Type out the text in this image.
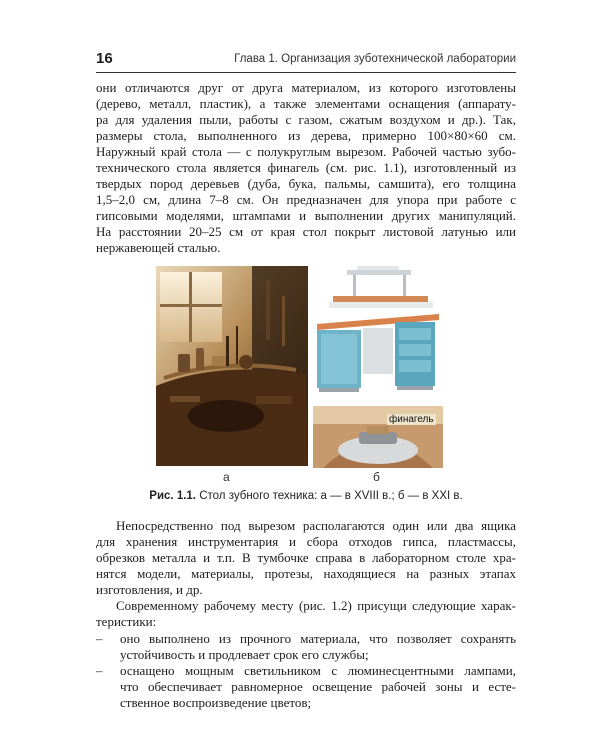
16	Глава 1. Организация зуботехнической лаборатории
они отличаются друг от друга материалом, из которого изготовлены
(дерево, металл, пластик), а также элементами оснащения (аппарату-
ра для удаления пыли, работы с газом, сжатым воздухом и др.). Так,
размеры стола, выполненного из дерева, примерно 100×80×60 см.
Наружный край стола — с полукруглым вырезом. Рабочей частью зубо-
технического стола является финагель (см. рис. 1.1), изготовленный из
твердых пород деревьев (дуба, бука, пальмы, самшита), его толщина
1,5–2,0 см, длина 7–8 см. Он предназначен для упора при работе с
гипсовыми моделями, штампами и выполнении других манипуляций.
На расстоянии 20–25 см от края стол покрыт листовой латунью или
нержавеющей сталью.
финагель
а	б
Рис. 1.1. Стол зубного техника: а — в XVIII в.; б — в XXI в.
Непосредственно под вырезом располагаются один или два ящика
для хранения инструментария и сбора отходов гипса, пластмассы,
обрезков металла и т.п. В тумбочке справа в лабораторном столе хра-
нятся модели, материалы, протезы, находящиеся на разных этапах
изготовления, и др.
Современному рабочему месту (рис. 1.2) присущи следующие харак-
теристики:
– оно выполнено из прочного материала, что позволяет сохранять
устойчивость и продлевает срок его службы;
– оснащено мощным светильником с люминесцентными лампами,
что обеспечивает равномерное освещение рабочей зоны и есте-
ственное воспроизведение цветов;
